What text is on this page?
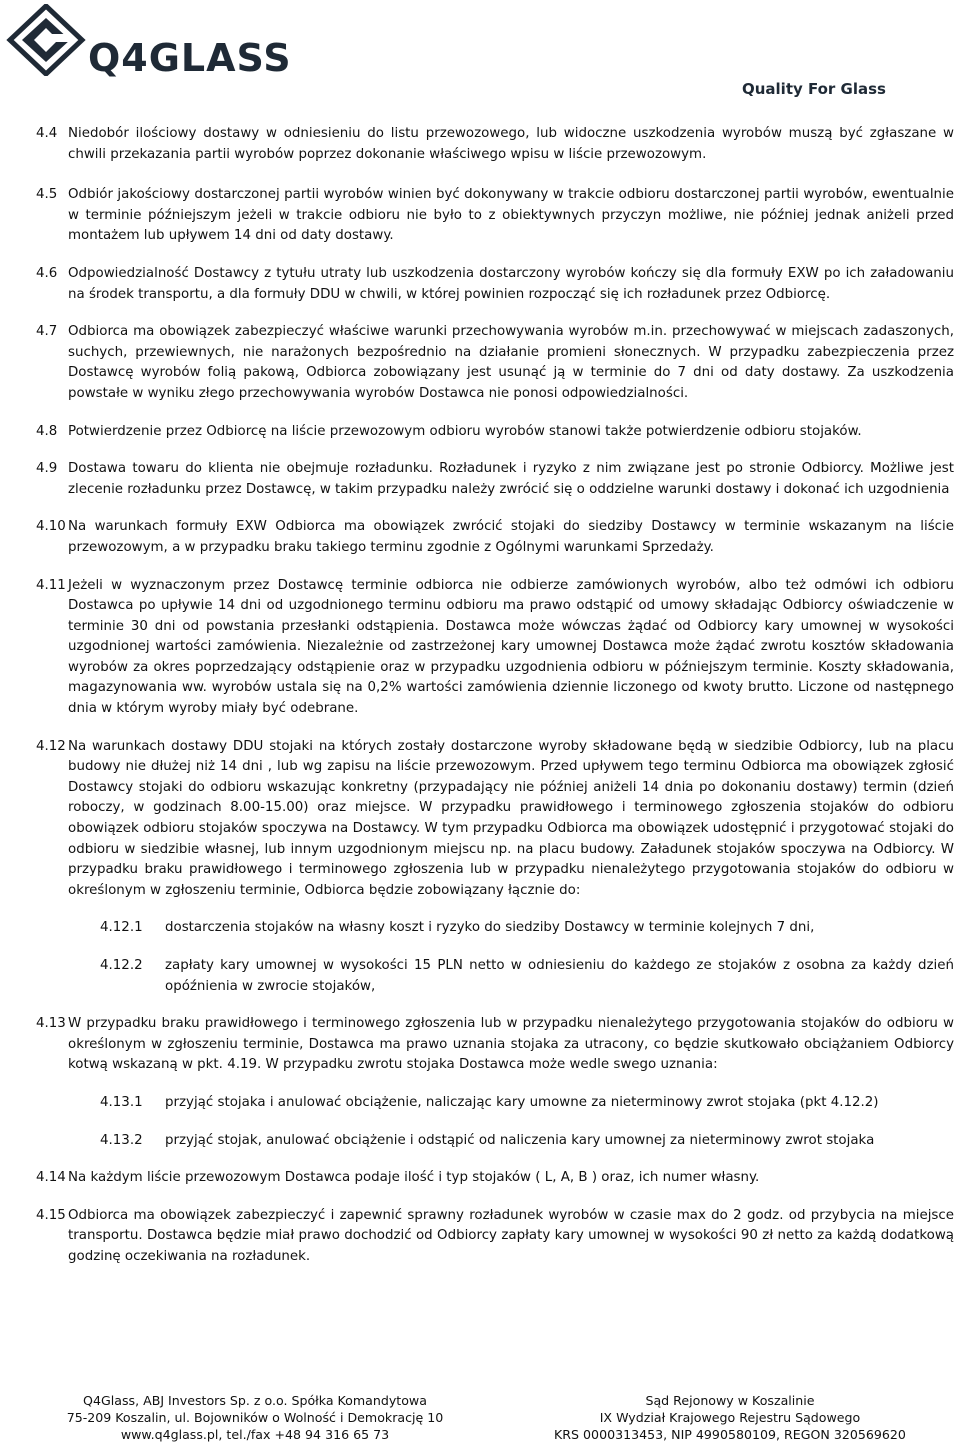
Q4GLASS
Quality For Glass
4.4 Niedobór ilościowy dostawy w odniesieniu do listu przewozowego, lub widoczne uszkodzenia wyrobów muszą być zgłaszane w chwili przekazania partii wyrobów poprzez dokonanie właściwego wpisu w liście przewozowym.
4.5 Odbiór jakościowy dostarczonej partii wyrobów winien być dokonywany w trakcie odbioru dostarczonej partii wyrobów, ewentualnie w terminie późniejszym jeżeli w trakcie odbioru nie było to z obiektywnych przyczyn możliwe, nie później jednak aniżeli przed montażem lub upływem 14 dni od daty dostawy.
4.6 Odpowiedzialność Dostawcy z tytułu utraty lub uszkodzenia dostarczony wyrobów kończy się dla formuły EXW po ich załadowaniu na środek transportu, a dla formuły DDU w chwili, w której powinien rozpocząć się ich rozładunek przez Odbiorcę.
4.7 Odbiorca ma obowiązek zabezpieczyć właściwe warunki przechowywania wyrobów m.in. przechowywać w miejscach zadaszonych, suchych, przewiewnych, nie narażonych bezpośrednio na działanie promieni słonecznych. W przypadku zabezpieczenia przez Dostawcę wyrobów folią pakową, Odbiorca zobowiązany jest usunąć ją w terminie do 7 dni od daty dostawy. Za uszkodzenia powstałe w wyniku złego przechowywania wyrobów Dostawca nie ponosi odpowiedzialności.
4.8 Potwierdzenie przez Odbiorcę na liście przewozowym odbioru wyrobów stanowi także potwierdzenie odbioru stojaków.
4.9 Dostawa towaru do klienta nie obejmuje rozładunku. Rozładunek i ryzyko z nim związane jest po stronie Odbiorcy. Możliwe jest zlecenie rozładunku przez Dostawcę, w takim przypadku należy zwrócić się o oddzielne warunki dostawy i dokonać ich uzgodnienia
4.10 Na warunkach formuły EXW Odbiorca ma obowiązek zwrócić stojaki do siedziby Dostawcy w terminie wskazanym na liście przewozowym, a w przypadku braku takiego terminu zgodnie z Ogólnymi warunkami Sprzedaży.
4.11 Jeżeli w wyznaczonym przez Dostawcę terminie odbiorca nie odbierze zamówionych wyrobów, albo też odmówi ich odbioru Dostawca po upływie 14 dni od uzgodnionego terminu odbioru ma prawo odstąpić od umowy składając Odbiorcy oświadczenie w terminie 30 dni od powstania przesłanki odstąpienia. Dostawca może wówczas żądać od Odbiorcy kary umownej w wysokości uzgodnionej wartości zamówienia. Niezależnie od zastrzeżonej kary umownej Dostawca może żądać zwrotu kosztów składowania wyrobów za okres poprzedzający odstąpienie oraz w przypadku uzgodnienia odbioru w późniejszym terminie. Koszty składowania, magazynowania ww. wyrobów ustala się na 0,2% wartości zamówienia dziennie liczonego od kwoty brutto. Liczone od następnego dnia w którym wyroby miały być odebrane.
4.12 Na warunkach dostawy DDU stojaki na których zostały dostarczone wyroby składowane będą w siedzibie Odbiorcy, lub na placu budowy nie dłużej niż 14 dni , lub wg zapisu na liście przewozowym. Przed upływem tego terminu Odbiorca ma obowiązek zgłosić Dostawcy stojaki do odbioru wskazując konkretny (przypadający nie później aniżeli 14 dnia po dokonaniu dostawy) termin (dzień roboczy, w godzinach 8.00-15.00) oraz miejsce. W przypadku prawidłowego i terminowego zgłoszenia stojaków do odbioru obowiązek odbioru stojaków spoczywa na Dostawcy. W tym przypadku Odbiorca ma obowiązek udostępnić i przygotować stojaki do odbioru w siedzibie własnej, lub innym uzgodnionym miejscu np. na placu budowy. Załadunek stojaków spoczywa na Odbiorcy. W przypadku braku prawidłowego i terminowego zgłoszenia lub w przypadku nienależytego przygotowania stojaków do odbioru w określonym w zgłoszeniu terminie, Odbiorca będzie zobowiązany łącznie do:
4.12.1	dostarczenia stojaków na własny koszt i ryzyko do siedziby Dostawcy w terminie kolejnych 7 dni,
4.12.2	zapłaty kary umownej w wysokości 15 PLN netto w odniesieniu do każdego ze stojaków z osobna za każdy dzień opóźnienia w zwrocie stojaków,
4.13 W przypadku braku prawidłowego i terminowego zgłoszenia lub w przypadku nienależytego przygotowania stojaków do odbioru w określonym w zgłoszeniu terminie, Dostawca ma prawo uznania stojaka za utracony, co będzie skutkowało obciążaniem Odbiorcy kotwą wskazaną w pkt. 4.19. W przypadku zwrotu stojaka Dostawca może wedle swego uznania:
4.13.1	przyjąć stojaka i anulować obciążenie, naliczając kary umowne za nieterminowy zwrot stojaka (pkt 4.12.2)
4.13.2	przyjąć stojak, anulować obciążenie i odstąpić od naliczenia kary umownej za nieterminowy zwrot stojaka
4.14 Na każdym liście przewozowym Dostawca podaje ilość i typ stojaków ( L, A, B ) oraz, ich numer własny.
4.15 Odbiorca ma obowiązek zabezpieczyć i zapewnić sprawny rozładunek wyrobów w czasie max do 2 godz. od przybycia na miejsce transportu. Dostawca będzie miał prawo dochodzić od Odbiorcy zapłaty kary umownej w wysokości 90 zł netto za każdą dodatkową godzinę oczekiwania na rozładunek.
Q4Glass, ABJ Investors Sp. z o.o. Spółka Komandytowa
75-209 Koszalin, ul. Bojowników o Wolność i Demokrację 10
www.q4glass.pl, tel./fax +48 94 316 65 73
Sąd Rejonowy w Koszalinie
IX Wydział Krajowego Rejestru Sądowego
KRS 0000313453, NIP 4990580109, REGON 320569620
